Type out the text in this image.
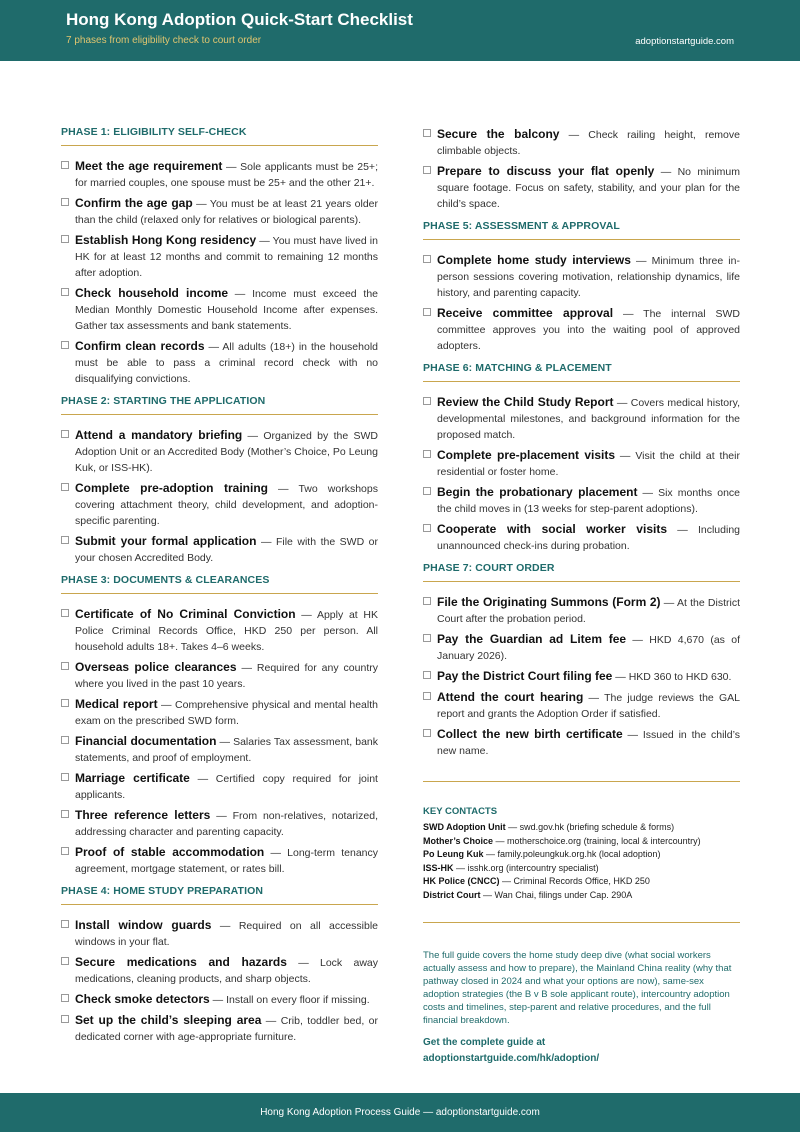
Hong Kong Adoption Quick-Start Checklist
7 phases from eligibility check to court order	adoptionstartguide.com
PHASE 1: ELIGIBILITY SELF-CHECK
Meet the age requirement — Sole applicants must be 25+; for married couples, one spouse must be 25+ and the other 21+.
Confirm the age gap — You must be at least 21 years older than the child (relaxed only for relatives or biological parents).
Establish Hong Kong residency — You must have lived in HK for at least 12 months and commit to remaining 12 months after adoption.
Check household income — Income must exceed the Median Monthly Domestic Household Income after expenses. Gather tax assessments and bank statements.
Confirm clean records — All adults (18+) in the household must be able to pass a criminal record check with no disqualifying convictions.
PHASE 2: STARTING THE APPLICATION
Attend a mandatory briefing — Organized by the SWD Adoption Unit or an Accredited Body (Mother’s Choice, Po Leung Kuk, or ISS-HK).
Complete pre-adoption training — Two workshops covering attachment theory, child development, and adoption-specific parenting.
Submit your formal application — File with the SWD or your chosen Accredited Body.
PHASE 3: DOCUMENTS & CLEARANCES
Certificate of No Criminal Conviction — Apply at HK Police Criminal Records Office, HKD 250 per person. All household adults 18+. Takes 4–6 weeks.
Overseas police clearances — Required for any country where you lived in the past 10 years.
Medical report — Comprehensive physical and mental health exam on the prescribed SWD form.
Financial documentation — Salaries Tax assessment, bank statements, and proof of employment.
Marriage certificate — Certified copy required for joint applicants.
Three reference letters — From non-relatives, notarized, addressing character and parenting capacity.
Proof of stable accommodation — Long-term tenancy agreement, mortgage statement, or rates bill.
PHASE 4: HOME STUDY PREPARATION
Install window guards — Required on all accessible windows in your flat.
Secure medications and hazards — Lock away medications, cleaning products, and sharp objects.
Check smoke detectors — Install on every floor if missing.
Set up the child’s sleeping area — Crib, toddler bed, or dedicated corner with age-appropriate furniture.
Secure the balcony — Check railing height, remove climbable objects.
Prepare to discuss your flat openly — No minimum square footage. Focus on safety, stability, and your plan for the child’s space.
PHASE 5: ASSESSMENT & APPROVAL
Complete home study interviews — Minimum three in-person sessions covering motivation, relationship dynamics, life history, and parenting capacity.
Receive committee approval — The internal SWD committee approves you into the waiting pool of approved adopters.
PHASE 6: MATCHING & PLACEMENT
Review the Child Study Report — Covers medical history, developmental milestones, and background information for the proposed match.
Complete pre-placement visits — Visit the child at their residential or foster home.
Begin the probationary placement — Six months once the child moves in (13 weeks for step-parent adoptions).
Cooperate with social worker visits — Including unannounced check-ins during probation.
PHASE 7: COURT ORDER
File the Originating Summons (Form 2) — At the District Court after the probation period.
Pay the Guardian ad Litem fee — HKD 4,670 (as of January 2026).
Pay the District Court filing fee — HKD 360 to HKD 630.
Attend the court hearing — The judge reviews the GAL report and grants the Adoption Order if satisfied.
Collect the new birth certificate — Issued in the child’s new name.
KEY CONTACTS
SWD Adoption Unit — swd.gov.hk (briefing schedule & forms)
Mother’s Choice — motherschoice.org (training, local & intercountry)
Po Leung Kuk — family.poleungkuk.org.hk (local adoption)
ISS-HK — isshk.org (intercountry specialist)
HK Police (CNCC) — Criminal Records Office, HKD 250
District Court — Wan Chai, filings under Cap. 290A
The full guide covers the home study deep dive (what social workers actually assess and how to prepare), the Mainland China reality (why that pathway closed in 2024 and what your options are now), same-sex adoption strategies (the B v B sole applicant route), intercountry adoption costs and timelines, step-parent and relative procedures, and the full financial breakdown.
Get the complete guide at
adoptionstartguide.com/hk/adoption/
Hong Kong Adoption Process Guide — adoptionstartguide.com
